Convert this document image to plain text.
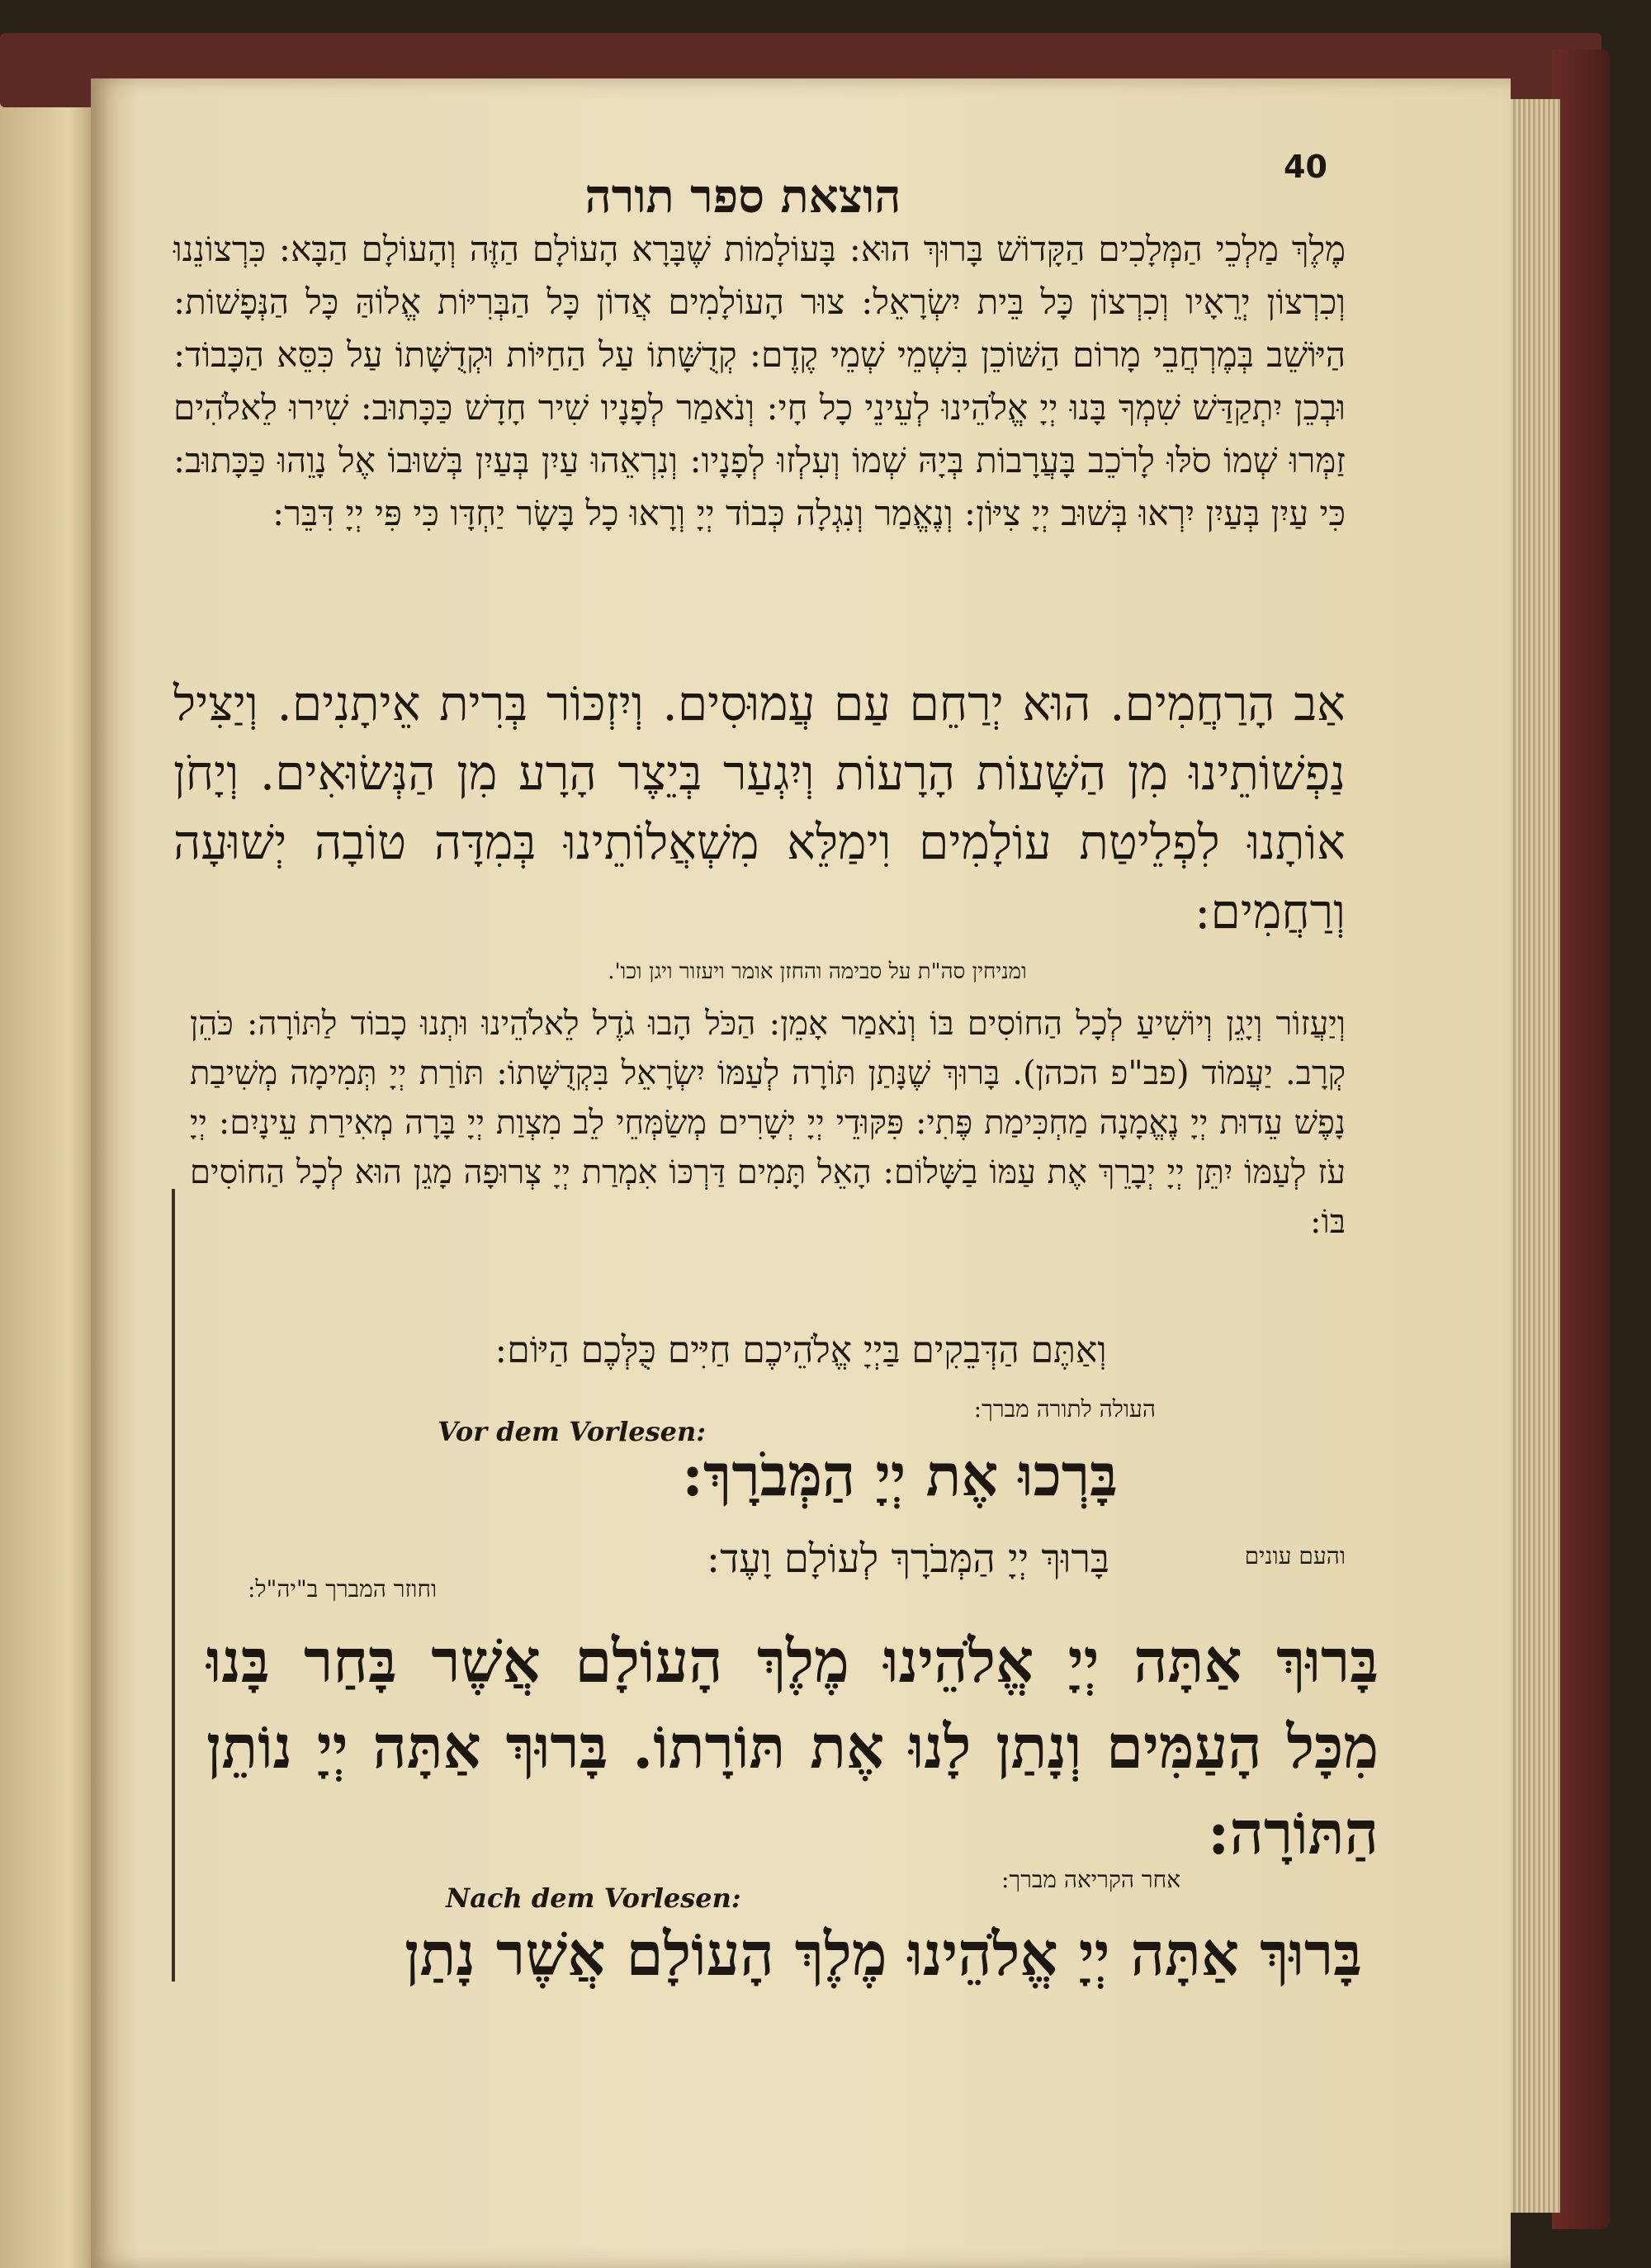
40
הוצאת ספר תורה
מֶלֶךְ מַלְכֵי הַמְּלָכִים הַקָּדוֹשׁ בָּרוּךְ הוּא: בָּעוֹלָמוֹת שֶׁבָּרָא הָעוֹלָם הַזֶּה וְהָעוֹלָם הַבָּא: כִּרְצוֹנֵנוּ וְכִרְצוֹן יְרֵאָיו וְכִרְצוֹן כָּל בֵּית יִשְׂרָאֵל: צוּר הָעוֹלָמִים אֲדוֹן כָּל הַבְּרִיּוֹת אֱלוֹהַּ כָּל הַנְּפָשׁוֹת: הַיּוֹשֵׁב בְּמֶרְחֲבֵי מָרוֹם הַשּׁוֹכֵן בִּשְׁמֵי שְׁמֵי קֶדֶם: קְדֻשָּׁתוֹ עַל הַחַיּוֹת וּקְדֻשָּׁתוֹ עַל כִּסֵּא הַכָּבוֹד: וּבְכֵן יִתְקַדַּשׁ שִׁמְךָ בָּנוּ יְיָ אֱלֹהֵינוּ לְעֵינֵי כָל חָי: וְנֹאמַר לְפָנָיו שִׁיר חָדָשׁ כַּכָּתוּב: שִׁירוּ לֵאלֹהִים זַמְּרוּ שְׁמוֹ סֹלּוּ לָרֹכֵב בָּעֲרָבוֹת בְּיָהּ שְׁמוֹ וְעִלְזוּ לְפָנָיו: וְנִרְאֵהוּ עַיִן בְּעַיִן בְּשׁוּבוֹ אֶל נָוֵהוּ כַּכָּתוּב: כִּי עַיִן בְּעַיִן יִרְאוּ בְּשׁוּב יְיָ צִיּוֹן: וְנֶאֱמַר וְנִגְלָה כְּבוֹד יְיָ וְרָאוּ כָל בָּשָׂר יַחְדָּו כִּי פִּי יְיָ דִּבֵּר:
אַב הָרַחֲמִים. הוּא יְרַחֵם עַם עֲמוּסִים. וְיִזְכּוֹר בְּרִית אֵיתָנִים. וְיַצִּיל נַפְשׁוֹתֵינוּ מִן הַשָּׁעוֹת הָרָעוֹת וְיִגְעַר בְּיֵצֶר הָרָע מִן הַנְּשׂוּאִים. וְיָחֹן אוֹתָנוּ לִפְלֵיטַת עוֹלָמִים וִימַלֵּא מִשְׁאֲלוֹתֵינוּ בְּמִדָּה טוֹבָה יְשׁוּעָה וְרַחֲמִים:
ומניחין סה"ת על סבימה והחזן אומר ויעזור ויגן וכו'.
וְיַעֲזוֹר וְיָגֵן וְיוֹשִׁיעַ לְכָל הַחוֹסִים בּוֹ וְנֹאמַר אָמֵן: הַכֹּל הָבוּ גֹדֶל לֵאלֹהֵינוּ וּתְנוּ כָבוֹד לַתּוֹרָה: כֹּהֵן קְרָב. יַעֲמוֹד (פב"פ הכהן). בָּרוּךְ שֶׁנָּתַן תּוֹרָה לְעַמּוֹ יִשְׂרָאֵל בִּקְדֻשָּׁתוֹ: תּוֹרַת יְיָ תְּמִימָה מְשִׁיבַת נָפֶשׁ עֵדוּת יְיָ נֶאֱמָנָה מַחְכִּימַת פֶּתִי: פִּקּוּדֵי יְיָ יְשָׁרִים מְשַׂמְּחֵי לֵב מִצְוַת יְיָ בָּרָה מְאִירַת עֵינָיִם: יְיָ עֹז לְעַמּוֹ יִתֵּן יְיָ יְבָרֵךְ אֶת עַמּוֹ בַשָּׁלוֹם: הָאֵל תָּמִים דַּרְכּוֹ אִמְרַת יְיָ צְרוּפָה מָגֵן הוּא לְכָל הַחוֹסִים בּוֹ:
וְאַתֶּם הַדְּבֵקִים בַּיְיָ אֱלֹהֵיכֶם חַיִּים כֻּלְּכֶם הַיּוֹם:
Vor dem Vorlesen:
העולה לתורה מברך:
בָּרְכוּ אֶת יְיָ הַמְּבֹרָךְ:
והעם עונים
בָּרוּךְ יְיָ הַמְּבֹרָךְ לְעוֹלָם וָעֶד:
וחוזר המברך ב"יה"ל:
בָּרוּךְ אַתָּה יְיָ אֱלֹהֵינוּ מֶלֶךְ הָעוֹלָם אֲשֶׁר בָּחַר בָּנוּ מִכָּל הָעַמִּים וְנָתַן לָנוּ אֶת תּוֹרָתוֹ. בָּרוּךְ אַתָּה יְיָ נוֹתֵן הַתּוֹרָה:
Nach dem Vorlesen:
אחר הקריאה מברך:
בָּרוּךְ אַתָּה יְיָ אֱלֹהֵינוּ מֶלֶךְ הָעוֹלָם אֲשֶׁר נָתַן
